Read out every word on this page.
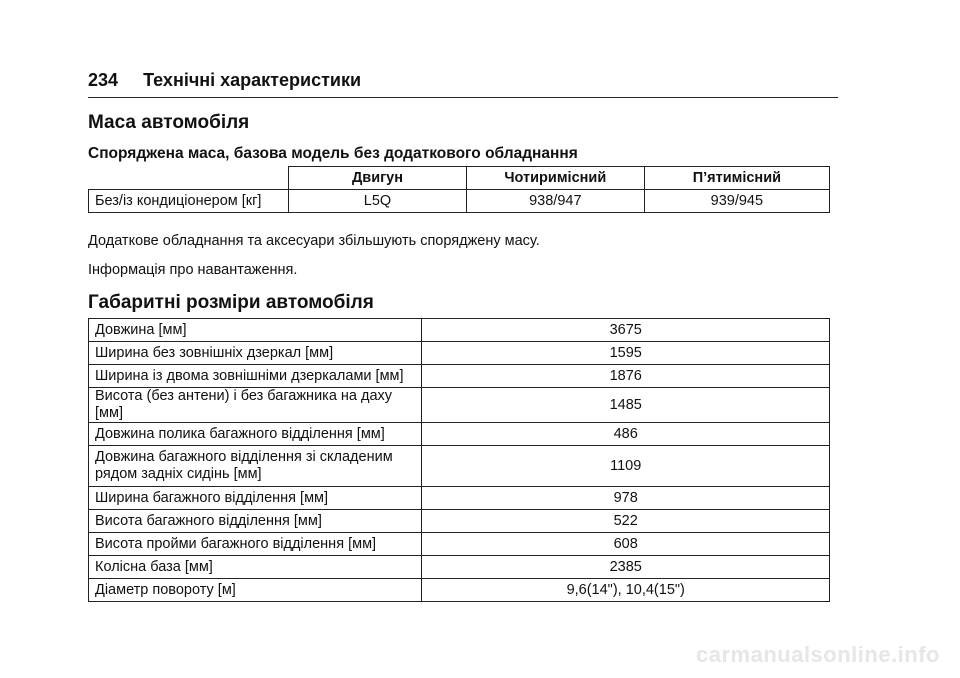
234 Технічні характеристики
Маса автомобіля
Споряджена маса, базова модель без додаткового обладнання
	Двигун	Чотиримісний	П’ятимісний
Без/із кондиціонером [кг]	L5Q	938/947	939/945
Додаткове обладнання та аксесуари збільшують споряджену масу.
Інформація про навантаження.
Габаритні розміри автомобіля
Довжина [мм]	3675
Ширина без зовнішніх дзеркал [мм]	1595
Ширина із двома зовнішніми дзеркалами [мм]	1876
Висота (без антени) і без багажника на даху [мм]	1485
Довжина полика багажного відділення [мм]	486
Довжина багажного відділення зі складеним рядом задніх сидінь [мм]	1109
Ширина багажного відділення [мм]	978
Висота багажного відділення [мм]	522
Висота пройми багажного відділення [мм]	608
Колісна база [мм]	2385
Діаметр повороту [м]	9,6(14"), 10,4(15")
carmanualsonline.info
